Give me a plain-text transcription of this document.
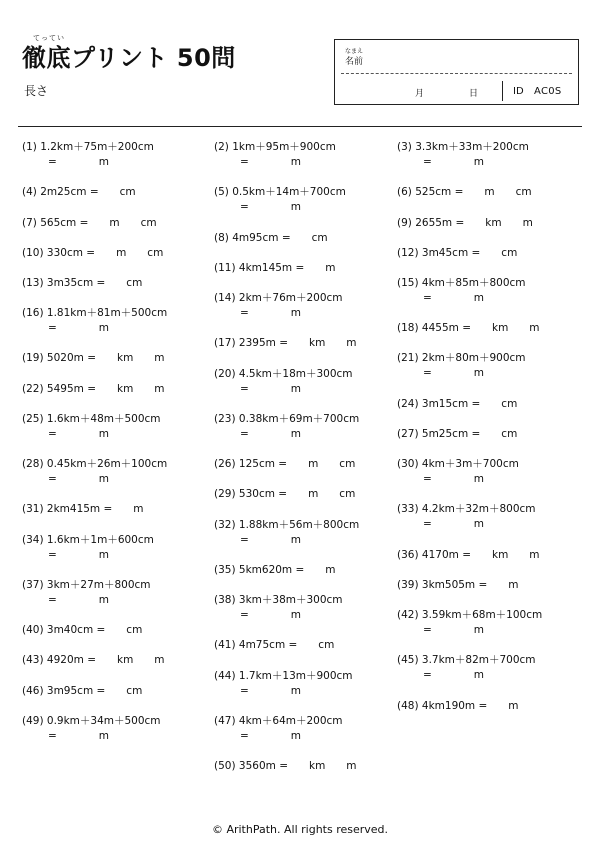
てってい
徹底プリント 50問
長さ
なまえ
名前
月	日	ID AC0S
(1) 1.2km＋75m＋200cm
=　　　　m
(4) 2m25cm =　　cm
(7) 565cm =　　m　　cm
(10) 330cm =　　m　　cm
(13) 3m35cm =　　cm
(16) 1.81km＋81m＋500cm
=　　　　m
(19) 5020m =　　km　　m
(22) 5495m =　　km　　m
(25) 1.6km＋48m＋500cm
=　　　　m
(28) 0.45km＋26m＋100cm
=　　　　m
(31) 2km415m =　　m
(34) 1.6km＋1m＋600cm
=　　　　m
(37) 3km＋27m＋800cm
=　　　　m
(40) 3m40cm =　　cm
(43) 4920m =　　km　　m
(46) 3m95cm =　　cm
(49) 0.9km＋34m＋500cm
=　　　　m
(2) 1km＋95m＋900cm
=　　　　m
(5) 0.5km＋14m＋700cm
=　　　　m
(8) 4m95cm =　　cm
(11) 4km145m =　　m
(14) 2km＋76m＋200cm
=　　　　m
(17) 2395m =　　km　　m
(20) 4.5km＋18m＋300cm
=　　　　m
(23) 0.38km＋69m＋700cm
=　　　　m
(26) 125cm =　　m　　cm
(29) 530cm =　　m　　cm
(32) 1.88km＋56m＋800cm
=　　　　m
(35) 5km620m =　　m
(38) 3km＋38m＋300cm
=　　　　m
(41) 4m75cm =　　cm
(44) 1.7km＋13m＋900cm
=　　　　m
(47) 4km＋64m＋200cm
=　　　　m
(50) 3560m =　　km　　m
(3) 3.3km＋33m＋200cm
=　　　　m
(6) 525cm =　　m　　cm
(9) 2655m =　　km　　m
(12) 3m45cm =　　cm
(15) 4km＋85m＋800cm
=　　　　m
(18) 4455m =　　km　　m
(21) 2km＋80m＋900cm
=　　　　m
(24) 3m15cm =　　cm
(27) 5m25cm =　　cm
(30) 4km＋3m＋700cm
=　　　　m
(33) 4.2km＋32m＋800cm
=　　　　m
(36) 4170m =　　km　　m
(39) 3km505m =　　m
(42) 3.59km＋68m＋100cm
=　　　　m
(45) 3.7km＋82m＋700cm
=　　　　m
(48) 4km190m =　　m
© ArithPath. All rights reserved.
